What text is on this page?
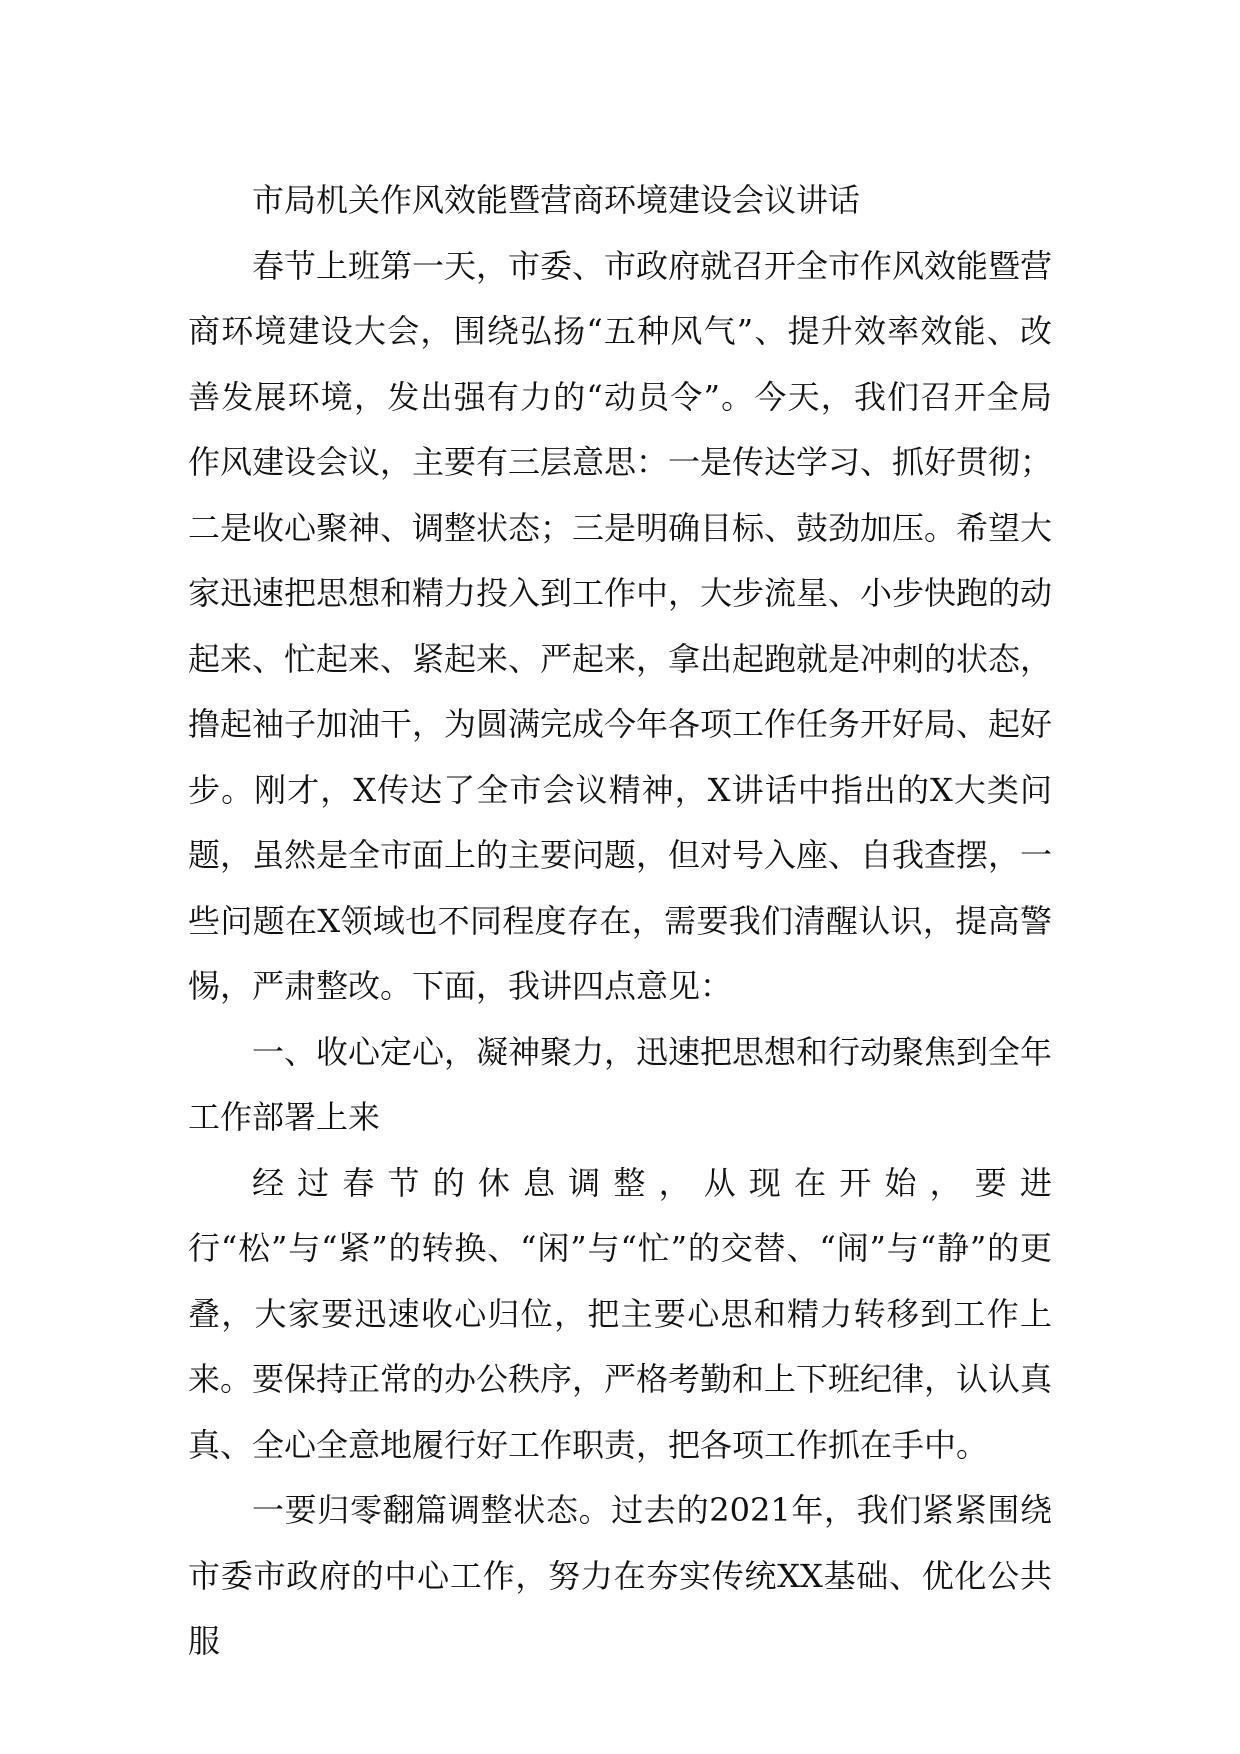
市局机关作风效能暨营商环境建设会议讲话

春节上班第一天，市委、市政府就召开全市作风效能暨营商环境建设大会，围绕弘扬“五种风气”、提升效率效能、改善发展环境，发出强有力的“动员令”。今天，我们召开全局作风建设会议，主要有三层意思：一是传达学习、抓好贯彻；二是收心聚神、调整状态；三是明确目标、鼓劲加压。希望大家迅速把思想和精力投入到工作中，大步流星、小步快跑的动起来、忙起来、紧起来、严起来，拿出起跑就是冲刺的状态，撸起袖子加油干，为圆满完成今年各项工作任务开好局、起好步。刚才，X传达了全市会议精神，X讲话中指出的X大类问题，虽然是全市面上的主要问题，但对号入座、自我查摆，一些问题在X领域也不同程度存在，需要我们清醒认识，提高警惕，严肃整改。下面，我讲四点意见：

一、收心定心，凝神聚力，迅速把思想和行动聚焦到全年工作部署上来

经过春节的休息调整，从现在开始，要进行“松”与“紧”的转换、“闲”与“忙”的交替、“闹”与“静”的更叠，大家要迅速收心归位，把主要心思和精力转移到工作上来。要保持正常的办公秩序，严格考勤和上下班纪律，认认真真、全心全意地履行好工作职责，把各项工作抓在手中。

一要归零翻篇调整状态。过去的2021年，我们紧紧围绕市委市政府的中心工作，努力在夯实传统XX基础、优化公共服
